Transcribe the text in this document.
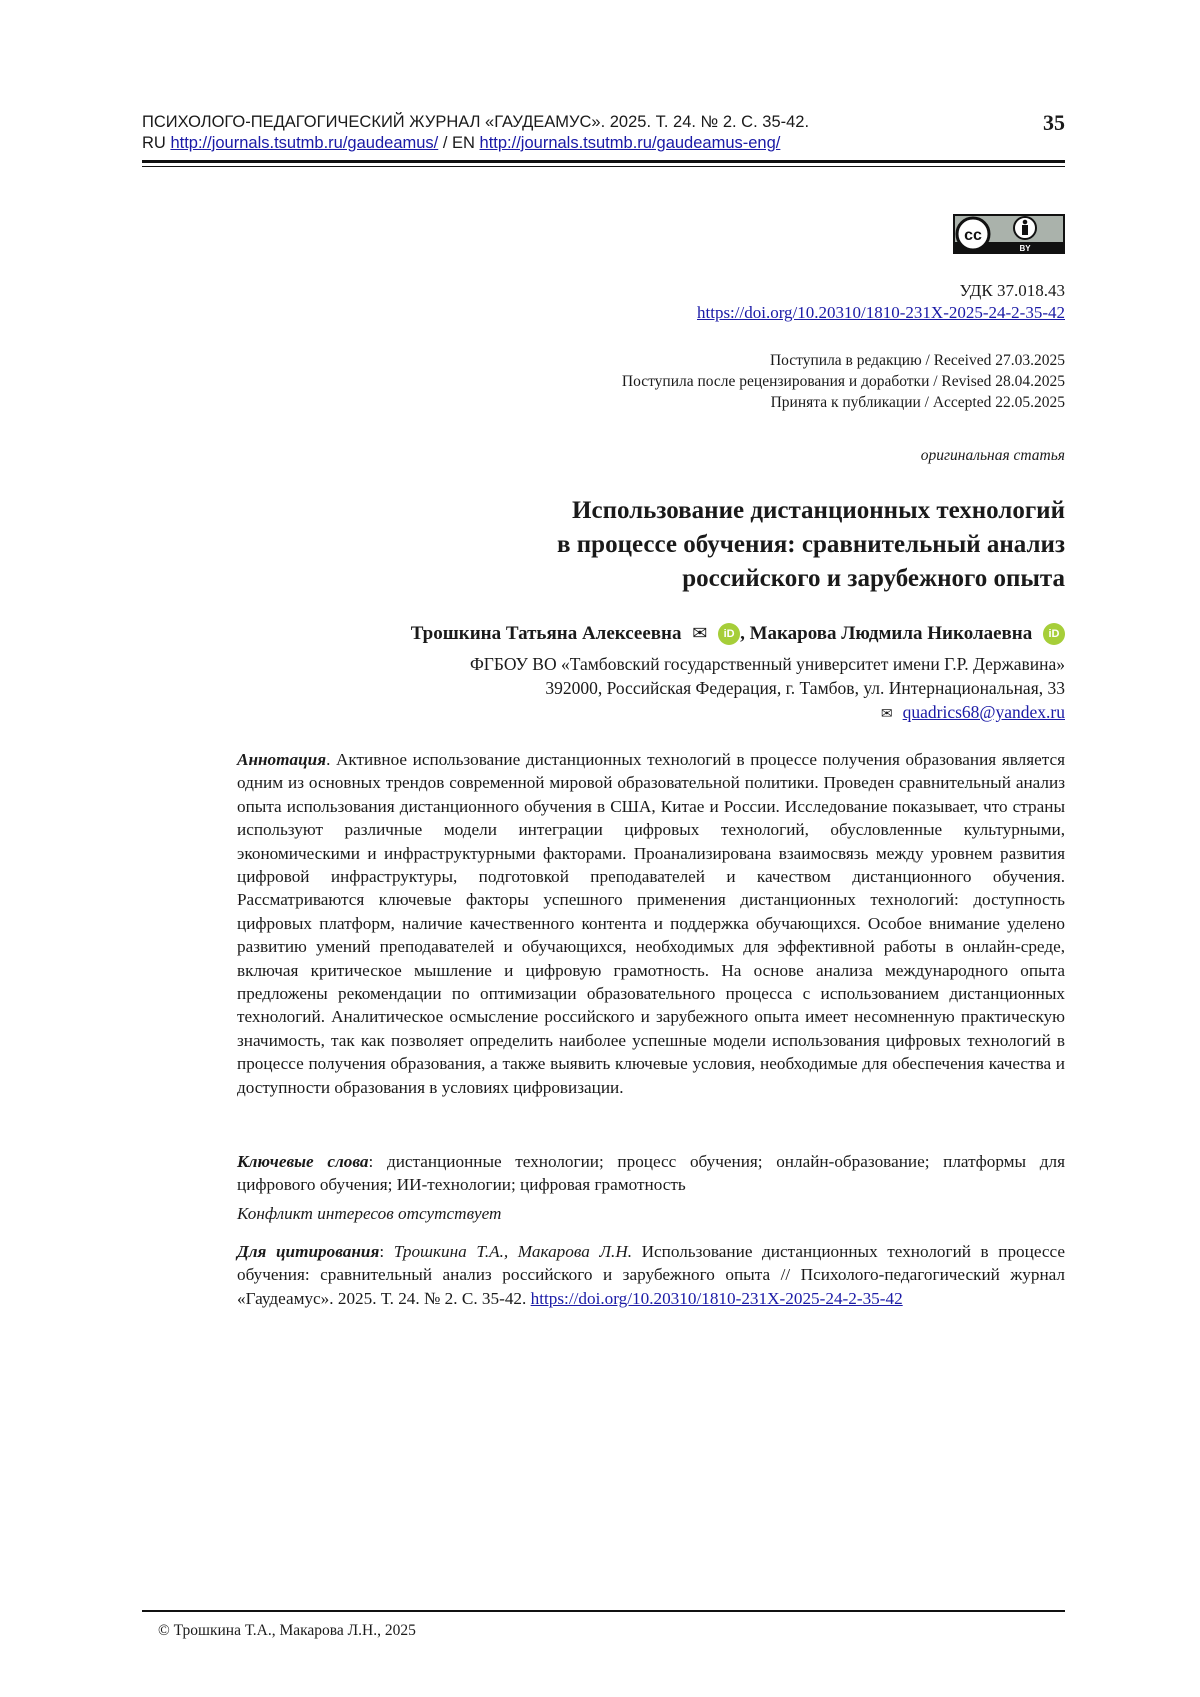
ПСИХОЛОГО-ПЕДАГОГИЧЕСКИЙ ЖУРНАЛ «ГАУДЕАМУС». 2025. Т. 24. № 2. С. 35-42.
RU http://journals.tsutmb.ru/gaudeamus/ / EN http://journals.tsutmb.ru/gaudeamus-eng/
35
cc
BY
УДК 37.018.43
https://doi.org/10.20310/1810-231X-2025-24-2-35-42
Поступила в редакцию / Received 27.03.2025
Поступила после рецензирования и доработки / Revised 28.04.2025
Принята к публикации / Accepted 22.05.2025
оригинальная статья
Использование дистанционных технологий
в процессе обучения: сравнительный анализ
российского и зарубежного опыта
Трошкина Татьяна Алексеевна ✉ iD , Макарова Людмила Николаевна iD
ФГБОУ ВО «Тамбовский государственный университет имени Г.Р. Державина»
392000, Российская Федерация, г. Тамбов, ул. Интернациональная, 33
✉ quadrics68@yandex.ru
Аннотация. Активное использование дистанционных технологий в процессе получения образования является одним из основных трендов современной мировой образовательной политики. Проведен сравнительный анализ опыта использования дистанционного обучения в США, Китае и России. Исследование показывает, что страны используют различные модели интеграции цифровых технологий, обусловленные культурными, экономическими и инфраструктурными факторами. Проанализирована взаимосвязь между уровнем развития цифровой инфраструктуры, подготовкой преподавателей и качеством дистанционного обучения. Рассматриваются ключевые факторы успешного применения дистанционных технологий: доступность цифровых платформ, наличие качественного контента и поддержка обучающихся. Особое внимание уделено развитию умений преподавателей и обучающихся, необходимых для эффективной работы в онлайн-среде, включая критическое мышление и цифровую грамотность. На основе анализа международного опыта предложены рекомендации по оптимизации образовательного процесса с использованием дистанционных технологий. Аналитическое осмысление российского и зарубежного опыта имеет несомненную практическую значимость, так как позволяет определить наиболее успешные модели использования цифровых технологий в процессе получения образования, а также выявить ключевые условия, необходимые для обеспечения качества и доступности образования в условиях цифровизации.
Ключевые слова: дистанционные технологии; процесс обучения; онлайн-образование; платформы для цифрового обучения; ИИ-технологии; цифровая грамотность
Конфликт интересов отсутствует
Для цитирования: Трошкина Т.А., Макарова Л.Н. Использование дистанционных технологий в процессе обучения: сравнительный анализ российского и зарубежного опыта // Психолого-педагогический журнал «Гаудеамус». 2025. Т. 24. № 2. С. 35-42. https://doi.org/10.20310/1810-231X-2025-24-2-35-42
© Трошкина Т.А., Макарова Л.Н., 2025
